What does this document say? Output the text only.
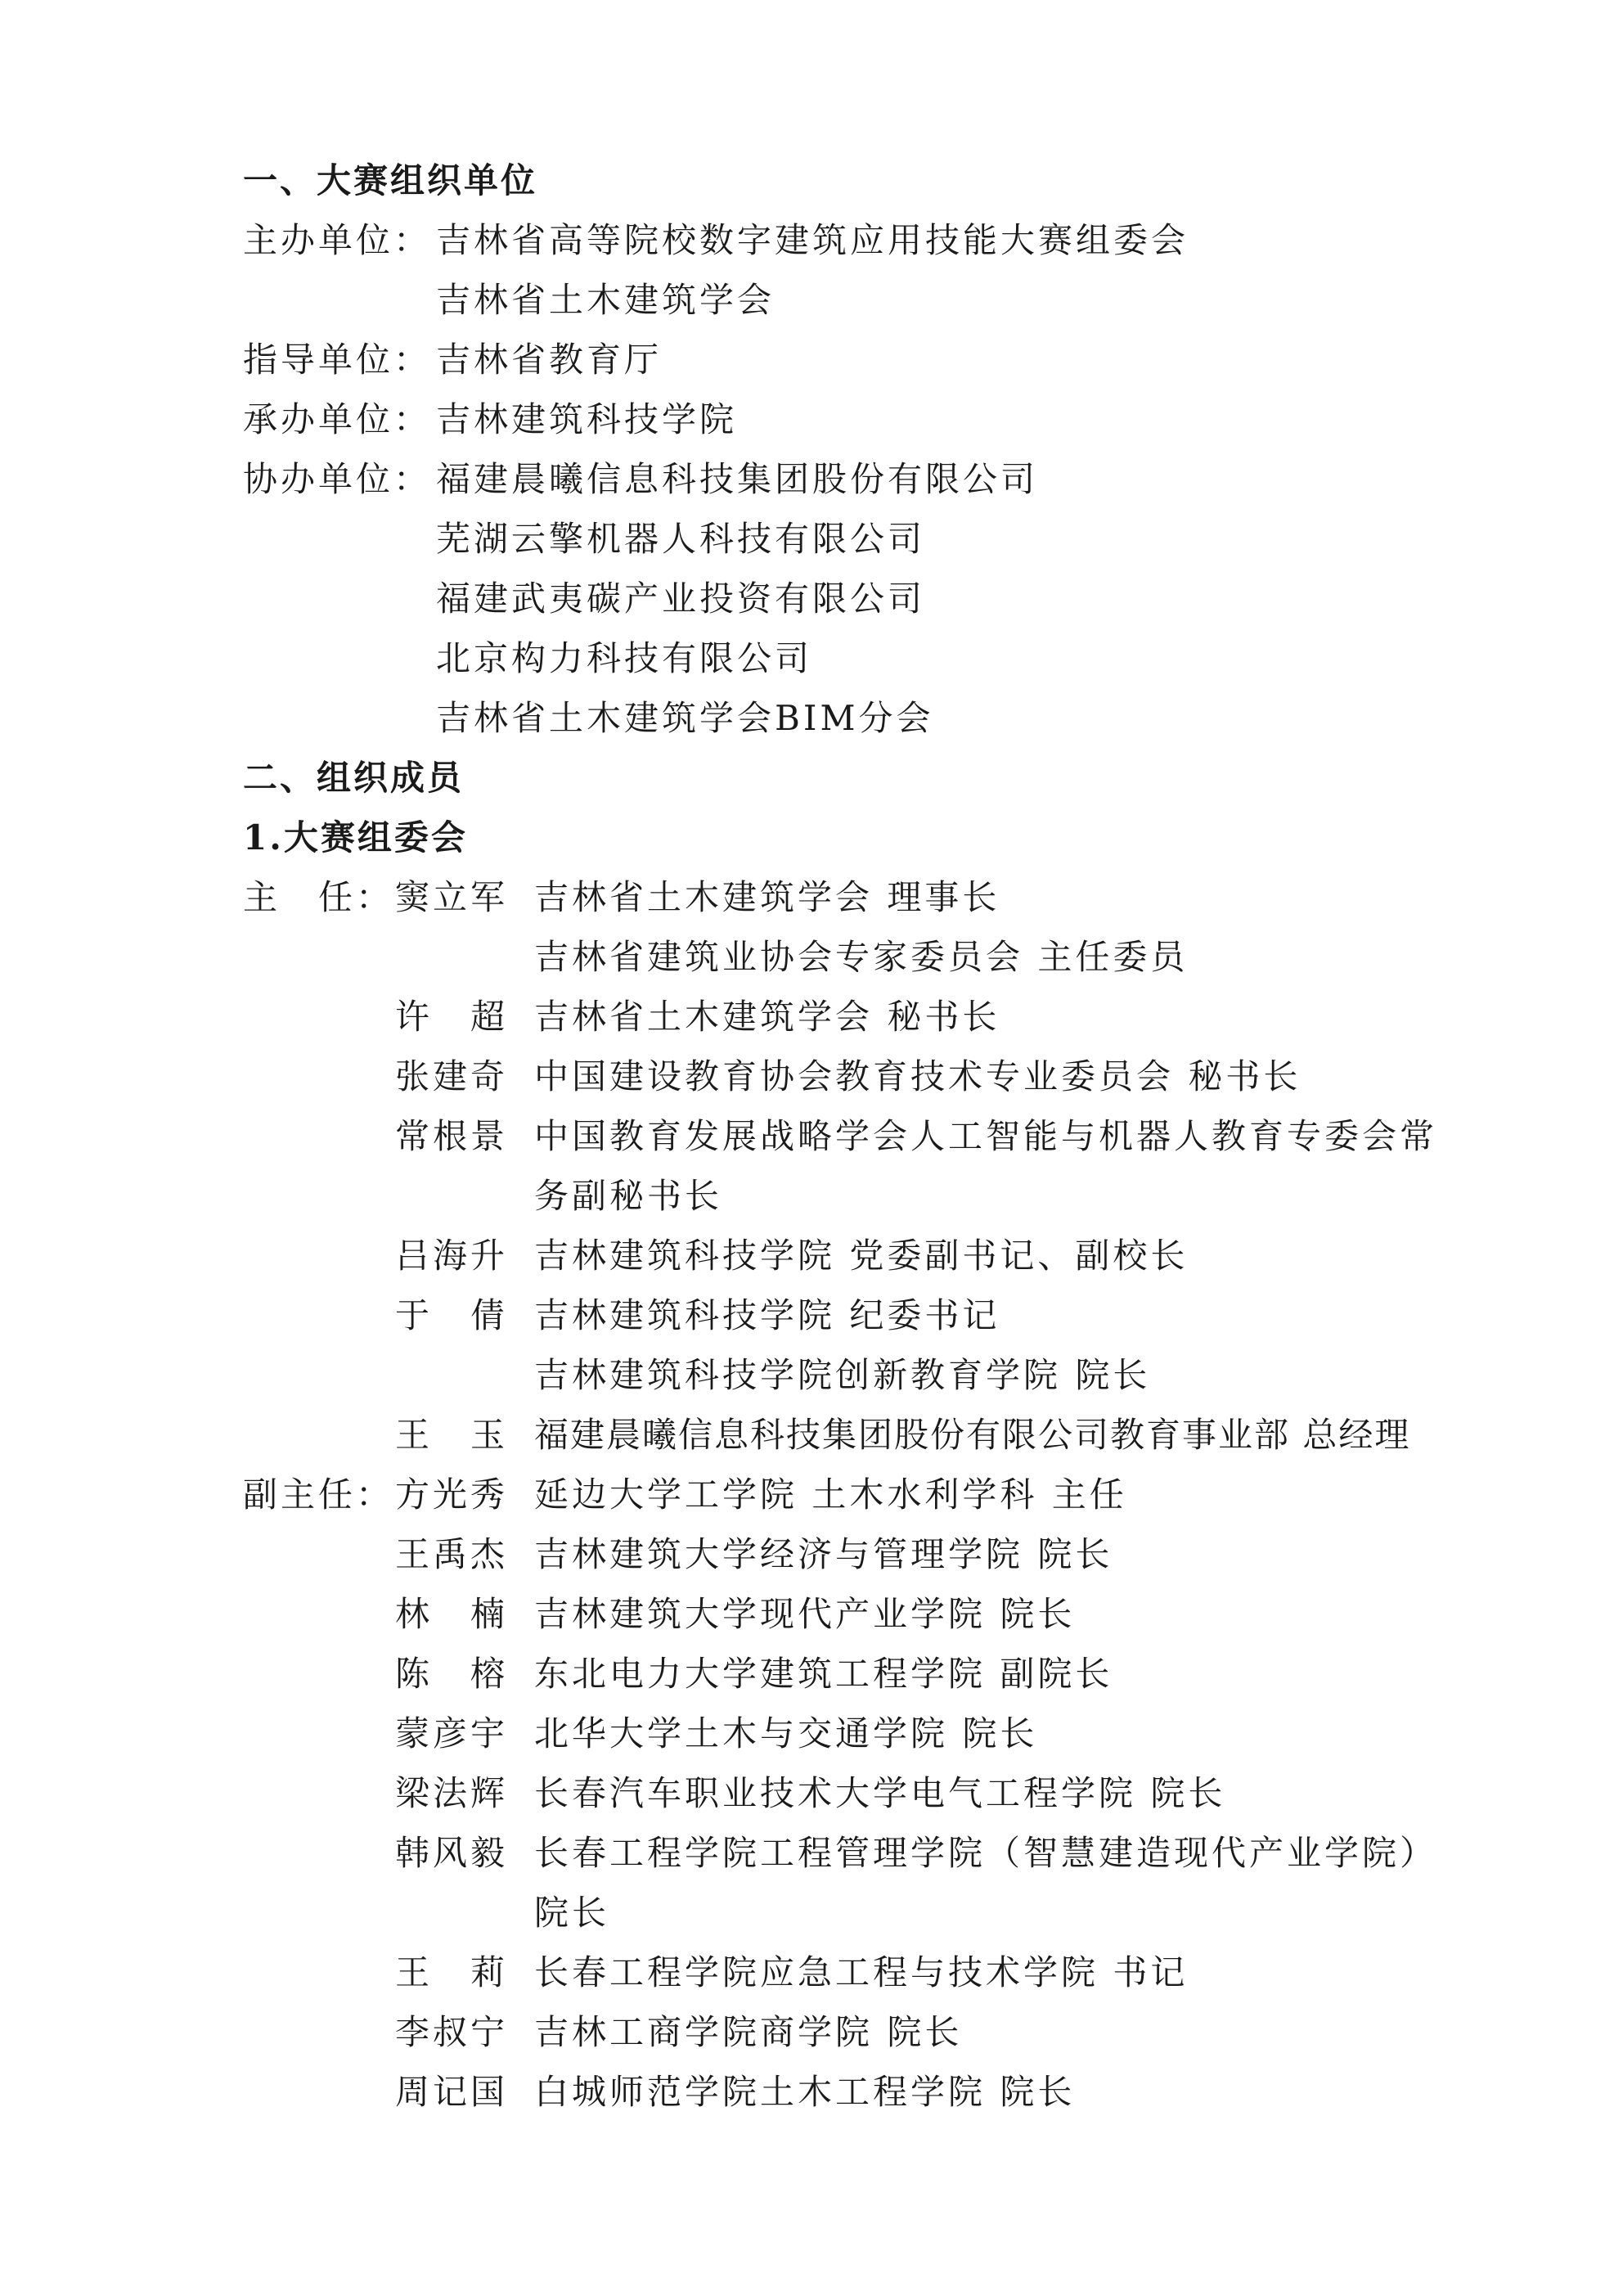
一、大赛组织单位
主办单位： 吉林省高等院校数字建筑应用技能大赛组委会
吉林省土木建筑学会
指导单位： 吉林省教育厅
承办单位： 吉林建筑科技学院
协办单位： 福建晨曦信息科技集团股份有限公司
芜湖云擎机器人科技有限公司
福建武夷碳产业投资有限公司
北京构力科技有限公司
吉林省土木建筑学会BIM分会
二、组织成员
1.大赛组委会
主　任： 窦立军 吉林省土木建筑学会 理事长
吉林省建筑业协会专家委员会 主任委员
许　超 吉林省土木建筑学会 秘书长
张建奇 中国建设教育协会教育技术专业委员会 秘书长
常根景 中国教育发展战略学会人工智能与机器人教育专委会常
务副秘书长
吕海升 吉林建筑科技学院 党委副书记、副校长
于　倩 吉林建筑科技学院 纪委书记
吉林建筑科技学院创新教育学院 院长
王　玉 福建晨曦信息科技集团股份有限公司教育事业部 总经理
副主任： 方光秀 延边大学工学院 土木水利学科 主任
王禹杰 吉林建筑大学经济与管理学院 院长
林　楠 吉林建筑大学现代产业学院 院长
陈　榕 东北电力大学建筑工程学院 副院长
蒙彦宇 北华大学土木与交通学院 院长
梁法辉 长春汽车职业技术大学电气工程学院 院长
韩风毅 长春工程学院工程管理学院（智慧建造现代产业学院）
院长
王　莉 长春工程学院应急工程与技术学院 书记
李叔宁 吉林工商学院商学院 院长
周记国 白城师范学院土木工程学院 院长
